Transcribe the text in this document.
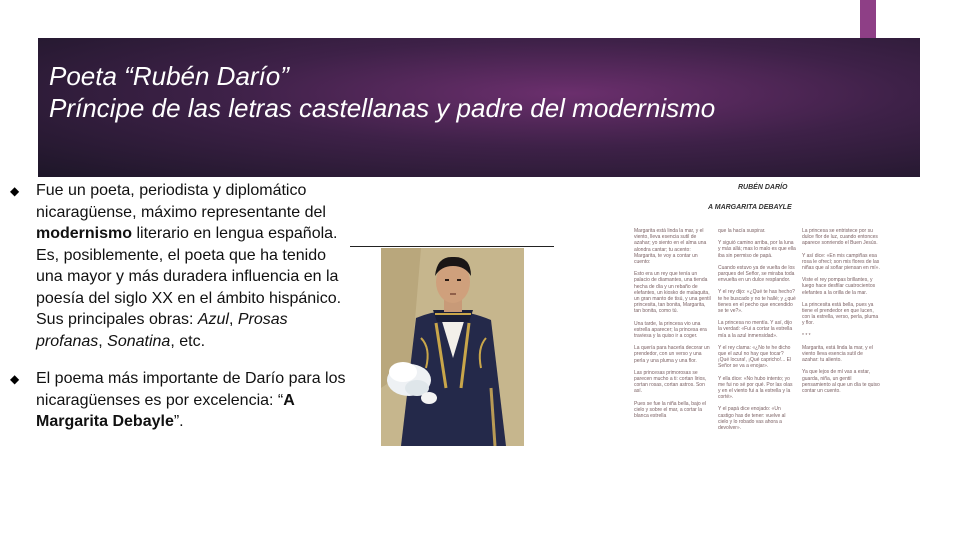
Poeta “Rubén Darío”
Príncipe de las letras castellanas y padre del modernismo
◆	Fue un poeta, periodista y diplomático nicaragüense, máximo representante del modernismo literario en lengua española. Es, posiblemente, el poeta que ha tenido una mayor y más duradera influencia en la poesía del siglo XX en el ámbito hispánico. Sus principales obras: Azul, Prosas profanas, Sonatina, etc.
◆	El poema más importante de Darío para los nicaragüenses es por excelencia: “A Margarita Debayle”.
RUBÉN DARÍO
A MARGARITA DEBAYLE

Margarita está linda la mar, y el viento, lleva esencia sutil de azahar; yo siento en el alma una alondra cantar; tu acento: Margarita, te voy a contar un cuento:

Esto era un rey que tenía un palacio de diamantes, una tienda hecha de día y un rebaño de elefantes, un kiosko de malaquita, un gran manto de tisú, y una gentil princesita, tan bonita, Margarita, tan bonita, como tú.

Una tarde, la princesa vio una estrella aparecer; la princesa era traviesa y la quiso ir a coger.

La quería para hacerla decorar un prendedor, con un verso y una perla y una pluma y una flor.

Las princesas primorosas se parecen mucho a ti: cortan lirios, cortan rosas, cortan astros. Son así.

Pues se fue la niña bella, bajo el cielo y sobre el mar, a cortar la blanca estrella

que la hacía suspirar.

Y siguió camino arriba, por la luna y más allá; mas lo malo es que ella iba sin permiso de papá.

Cuando estuvo ya de vuelta de los parques del Señor, se miraba toda envuelta en un dulce resplandor.

Y el rey dijo: «¿Qué te has hecho? te he buscado y no te hallé; y ¿qué tienes en el pecho que encendido se te ve?».

La princesa no mentía. Y así, dijo la verdad: «Fui a cortar la estrella mía a la azul inmensidad».

Y el rey clama: «¿No te he dicho que el azul no hay que tocar? ¡Qué locura!, ¡Qué capricho!... El Señor se va a enojar».

Y ella dice: «No hubo intento; yo me fui no sé por qué. Por las olas y en el viento fui a la estrella y la corté».

Y el papá dice enojado: «Un castigo has de tener: vuelve al cielo y lo robado vas ahora a devolver».

La princesa se entristece por su dulce flor de luz, cuando entonces aparece sonriendo el Buen Jesús.

Y así dice: «En mis campiñas esa rosa le ofrecí; son mis flores de las niñas que al soñar piensan en mí».

Viste el rey pompas brillantes, y luego hace desfilar cuatrocientos elefantes a la orilla de la mar.

La princesita está bella, pues ya tiene el prendedor en que lucen, con la estrella, verso, perla, pluma y flor.

* * *

Margarita, está linda la mar, y el viento lleva esencia sutil de azahar: tu aliento.

Ya que lejos de mí vas a estar, guarda, niña, un gentil pensamiento al que un día te quiso contar un cuento.
